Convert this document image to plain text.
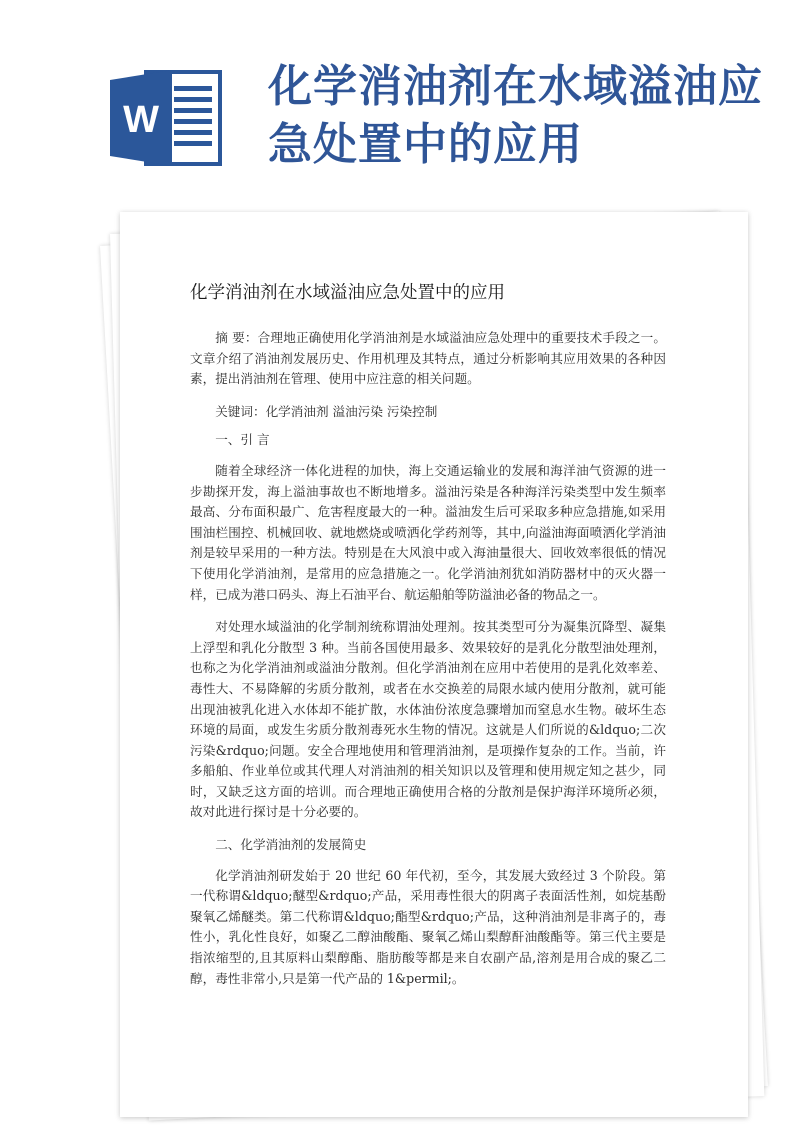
W
化学消油剂在水域溢油应急处置中的应用
化学消油剂在水域溢油应急处置中的应用

摘 要：合理地正确使用化学消油剂是水域溢油应急处理中的重要技术手段之一。文章介绍了消油剂发展历史、作用机理及其特点，通过分析影响其应用效果的各种因素，提出消油剂在管理、使用中应注意的相关问题。

关键词：化学消油剂 溢油污染 污染控制

一、引 言

随着全球经济一体化进程的加快，海上交通运输业的发展和海洋油气资源的进一步勘探开发，海上溢油事故也不断地增多。溢油污染是各种海洋污染类型中发生频率最高、分布面积最广、危害程度最大的一种。溢油发生后可采取多种应急措施,如采用围油栏围控、机械回收、就地燃烧或喷洒化学药剂等，其中,向溢油海面喷洒化学消油剂是较早采用的一种方法。特别是在大风浪中或入海油量很大、回收效率很低的情况下使用化学消油剂，是常用的应急措施之一。化学消油剂犹如消防器材中的灭火器一样，已成为港口码头、海上石油平台、航运船舶等防溢油必备的物品之一。

对处理水域溢油的化学制剂统称谓油处理剂。按其类型可分为凝集沉降型、凝集上浮型和乳化分散型 3 种。当前各国使用最多、效果较好的是乳化分散型油处理剂，也称之为化学消油剂或溢油分散剂。但化学消油剂在应用中若使用的是乳化效率差、毒性大、不易降解的劣质分散剂，或者在水交换差的局限水域内使用分散剂，就可能出现油被乳化进入水体却不能扩散，水体油份浓度急骤增加而窒息水生物。破坏生态环境的局面，或发生劣质分散剂毒死水生物的情况。这就是人们所说的&ldquo;二次污染&rdquo;问题。安全合理地使用和管理消油剂，是项操作复杂的工作。当前，许多船舶、作业单位或其代理人对消油剂的相关知识以及管理和使用规定知之甚少，同时，又缺乏这方面的培训。而合理地正确使用合格的分散剂是保护海洋环境所必须，故对此进行探讨是十分必要的。

二、化学消油剂的发展简史

化学消油剂研发始于 20 世纪 60 年代初，至今，其发展大致经过 3 个阶段。第一代称谓&ldquo;醚型&rdquo;产品，采用毒性很大的阴离子表面活性剂，如烷基酚聚氧乙烯醚类。第二代称谓&ldquo;酯型&rdquo;产品，这种消油剂是非离子的，毒性小，乳化性良好，如聚乙二醇油酸酯、聚氧乙烯山梨醇酐油酸酯等。第三代主要是指浓缩型的,且其原料山梨醇酯、脂肪酸等都是来自农副产品,溶剂是用合成的聚乙二醇，毒性非常小,只是第一代产品的 1&permil;。
